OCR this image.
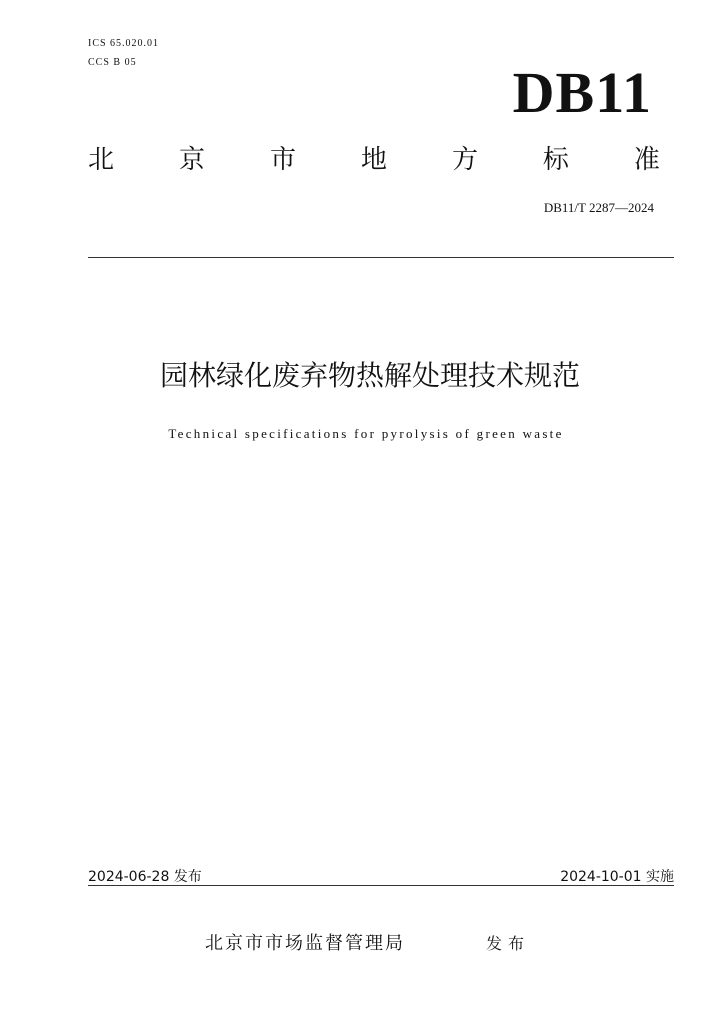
ICS 65.020.01
CCS B 05	DB11
北 京 市 地 方 标 准
DB11/T 2287—2024
园林绿化废弃物热解处理技术规范
Technical specifications for pyrolysis of green waste
2024-06-28 发布	2024-10-01 实施
北京市市场监督管理局	发布
